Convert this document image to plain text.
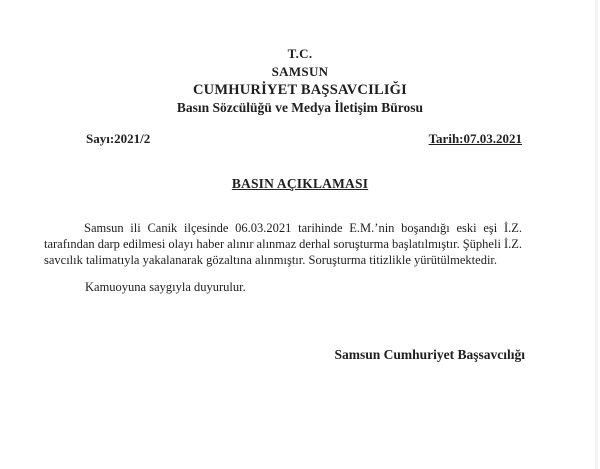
T.C.
SAMSUN
CUMHURİYET BAŞSAVCILIĞI
Basın Sözcülüğü ve Medya İletişim Bürosu
Sayı:2021/2	Tarih:07.03.2021
BASIN AÇIKLAMASI
Samsun ili Canik ilçesinde 06.03.2021 tarihinde E.M.’nin boşandığı eski eşi İ.Z.
tarafından darp edilmesi olayı haber alınır alınmaz derhal soruşturma başlatılmıştır. Şüpheli İ.Z.
savcılık talimatıyla yakalanarak gözaltına alınmıştır. Soruşturma titizlikle yürütülmektedir.
Kamuoyuna saygıyla duyurulur.
Samsun Cumhuriyet Başsavcılığı
